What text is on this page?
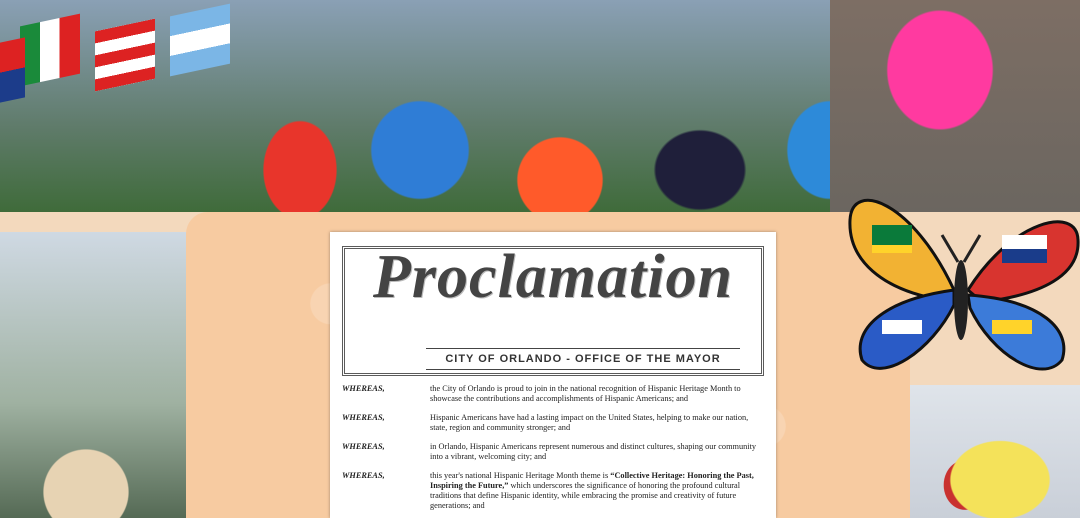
Proclamation
CITY OF ORLANDO - OFFICE OF THE MAYOR
WHEREAS,	the City of Orlando is proud to join in the national recognition of Hispanic Heritage Month to showcase the contributions and accomplishments of Hispanic Americans; and
WHEREAS,	Hispanic Americans have had a lasting impact on the United States, helping to make our nation, state, region and community stronger; and
WHEREAS,	in Orlando, Hispanic Americans represent numerous and distinct cultures, shaping our community into a vibrant, welcoming city; and
WHEREAS,	this year's national Hispanic Heritage Month theme is “Collective Heritage: Honoring the Past, Inspiring the Future,” which underscores the significance of honoring the profound cultural traditions that define Hispanic identity, while embracing the promise and creativity of future generations; and
